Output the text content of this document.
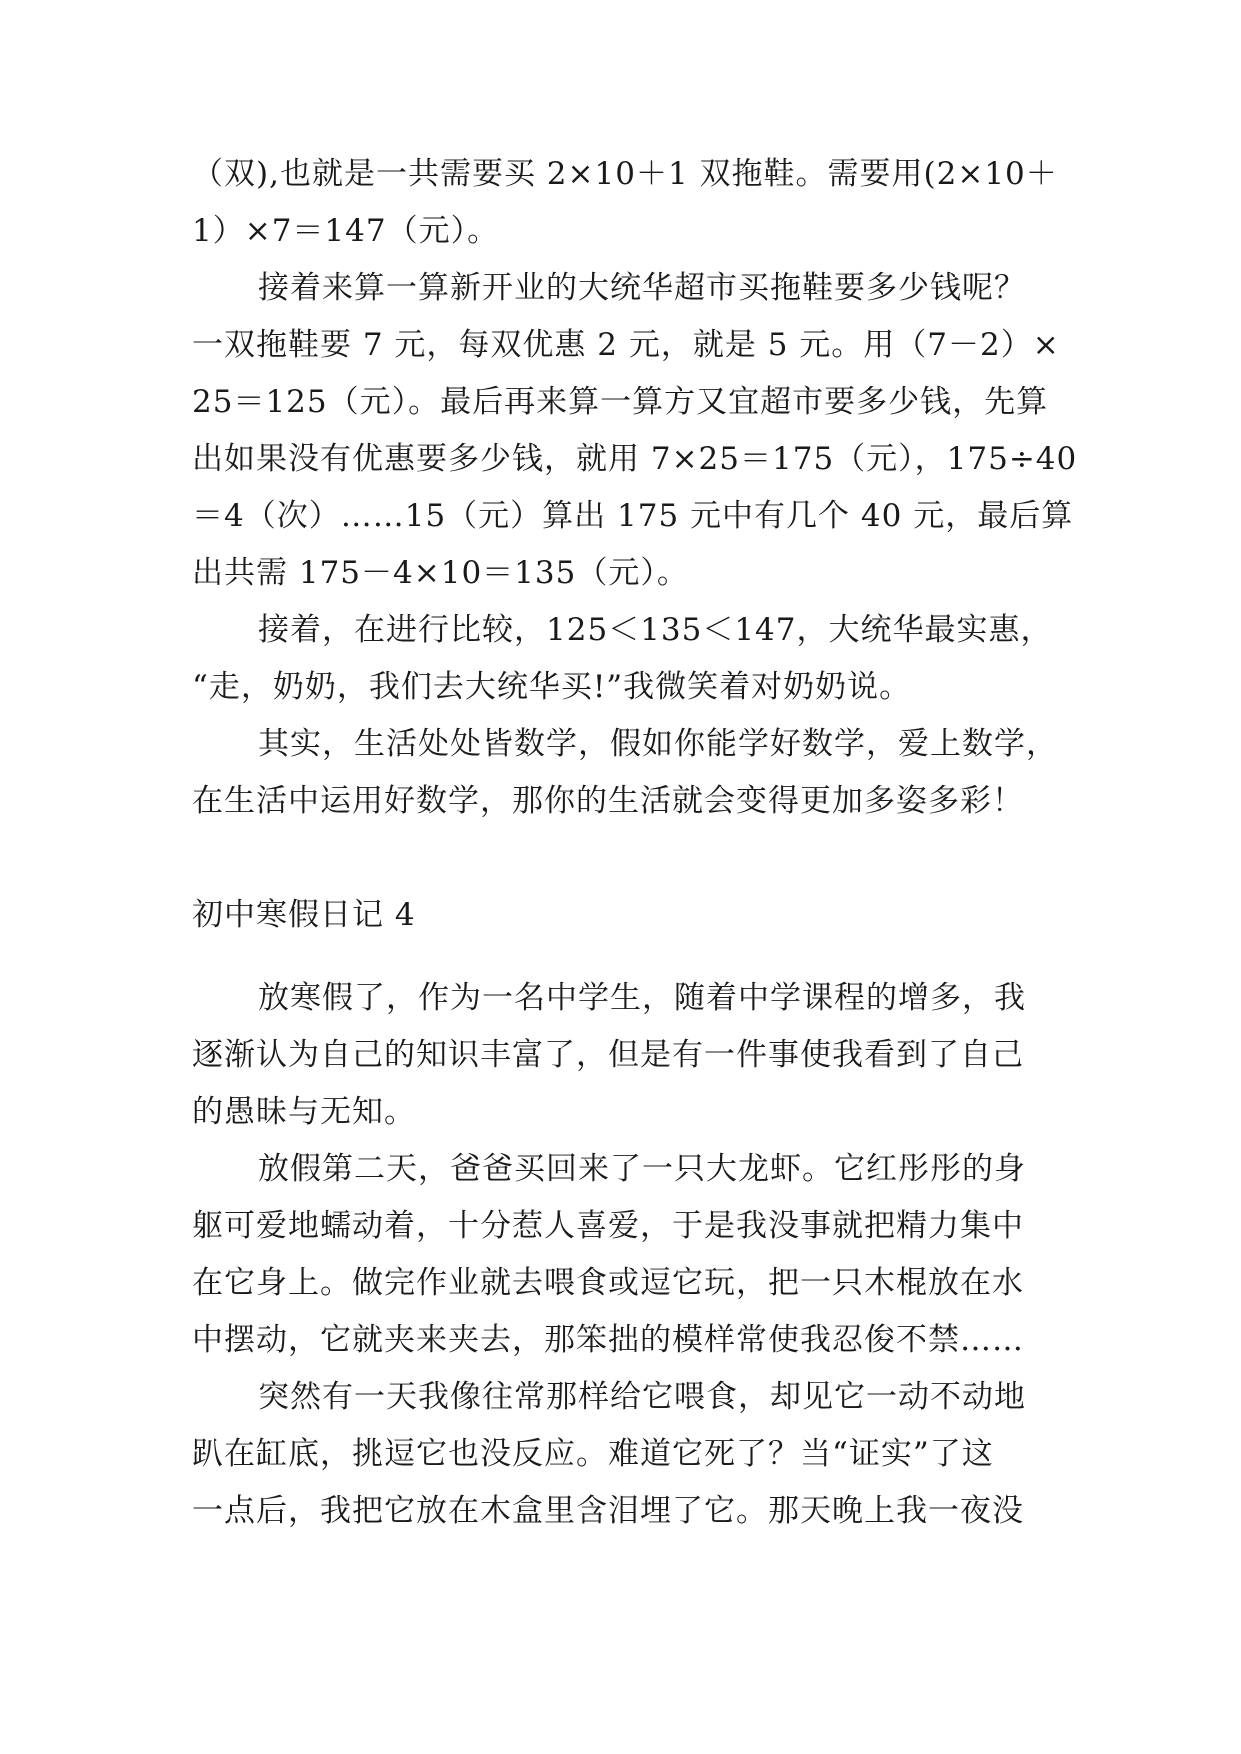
（双),也就是一共需要买 2×10＋1 双拖鞋。需要用(2×10＋
1）×7＝147（元）。

接着来算一算新开业的大统华超市买拖鞋要多少钱呢？
一双拖鞋要 7 元，每双优惠 2 元，就是 5 元。用（7－2）×
25＝125（元）。最后再来算一算方又宜超市要多少钱，先算
出如果没有优惠要多少钱，就用 7×25＝175（元），175÷40
＝4（次）……15（元）算出 175 元中有几个 40 元，最后算
出共需 175－4×10＝135（元）。

接着，在进行比较，125＜135＜147，大统华最实惠，
“走，奶奶，我们去大统华买!”我微笑着对奶奶说。

其实，生活处处皆数学，假如你能学好数学，爱上数学，
在生活中运用好数学，那你的生活就会变得更加多姿多彩！

初中寒假日记 4

放寒假了，作为一名中学生，随着中学课程的增多，我
逐渐认为自己的知识丰富了，但是有一件事使我看到了自己
的愚昧与无知。

放假第二天，爸爸买回来了一只大龙虾。它红彤彤的身
躯可爱地蠕动着，十分惹人喜爱，于是我没事就把精力集中
在它身上。做完作业就去喂食或逗它玩，把一只木棍放在水
中摆动，它就夹来夹去，那笨拙的模样常使我忍俊不禁……

突然有一天我像往常那样给它喂食，却见它一动不动地
趴在缸底，挑逗它也没反应。难道它死了？当“证实”了这
一点后，我把它放在木盒里含泪埋了它。那天晚上我一夜没
